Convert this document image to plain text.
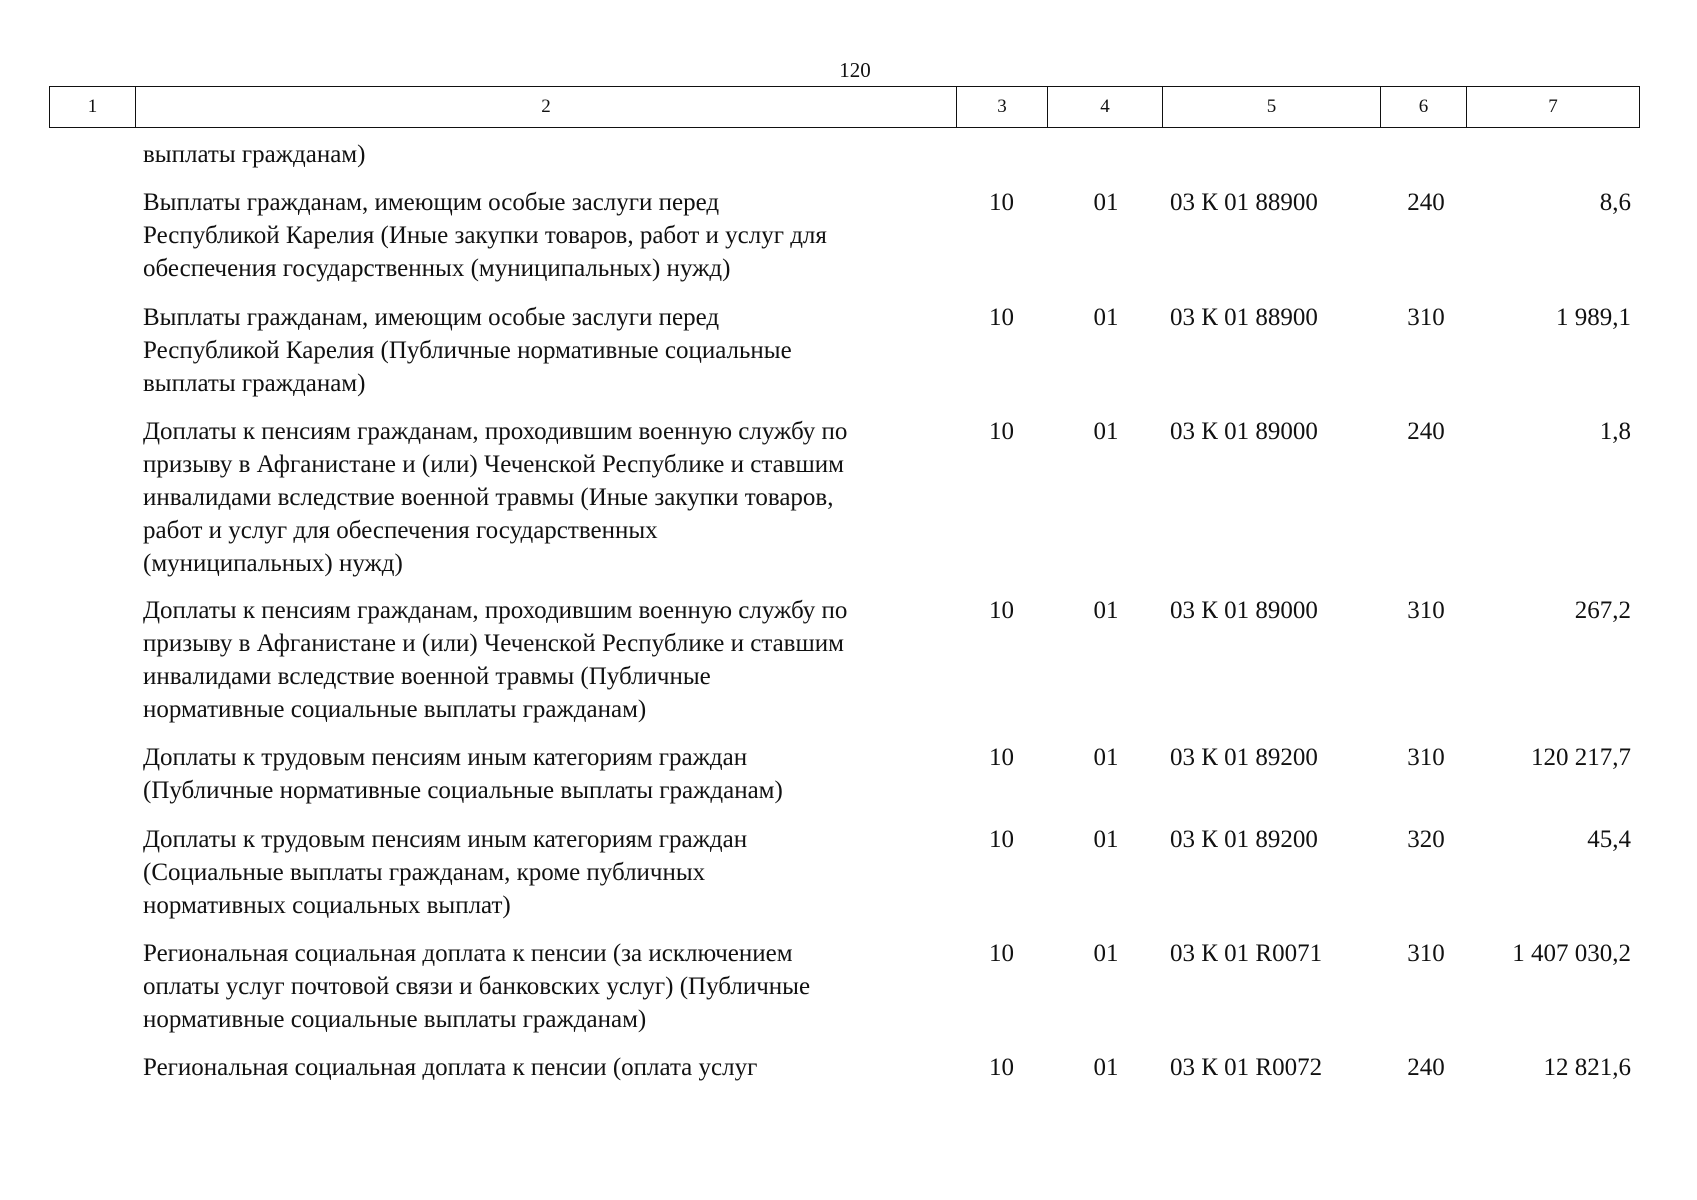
120
1	2	3	4	5	6	7
выплаты гражданам)
Выплаты гражданам, имеющим особые заслуги перед
Республикой Карелия (Иные закупки товаров, работ и услуг для
обеспечения государственных (муниципальных) нужд)
10	01	03 К 01 88900	240	8,6
Выплаты гражданам, имеющим особые заслуги перед
Республикой Карелия (Публичные нормативные социальные
выплаты гражданам)
10	01	03 К 01 88900	310	1 989,1
Доплаты к пенсиям гражданам, проходившим военную службу по
призыву в Афганистане и (или) Чеченской Республике и ставшим
инвалидами вследствие военной травмы (Иные закупки товаров,
работ и услуг для обеспечения государственных
(муниципальных) нужд)
10	01	03 К 01 89000	240	1,8
Доплаты к пенсиям гражданам, проходившим военную службу по
призыву в Афганистане и (или) Чеченской Республике и ставшим
инвалидами вследствие военной травмы (Публичные
нормативные социальные выплаты гражданам)
10	01	03 К 01 89000	310	267,2
Доплаты к трудовым пенсиям иным категориям граждан
(Публичные нормативные социальные выплаты гражданам)
10	01	03 К 01 89200	310	120 217,7
Доплаты к трудовым пенсиям иным категориям граждан
(Социальные выплаты гражданам, кроме публичных
нормативных социальных выплат)
10	01	03 К 01 89200	320	45,4
Региональная социальная доплата к пенсии (за исключением
оплаты услуг почтовой связи и банковских услуг) (Публичные
нормативные социальные выплаты гражданам)
10	01	03 К 01 R0071	310	1 407 030,2
Региональная социальная доплата к пенсии (оплата услуг	10	01	03 К 01 R0072	240	12 821,6
